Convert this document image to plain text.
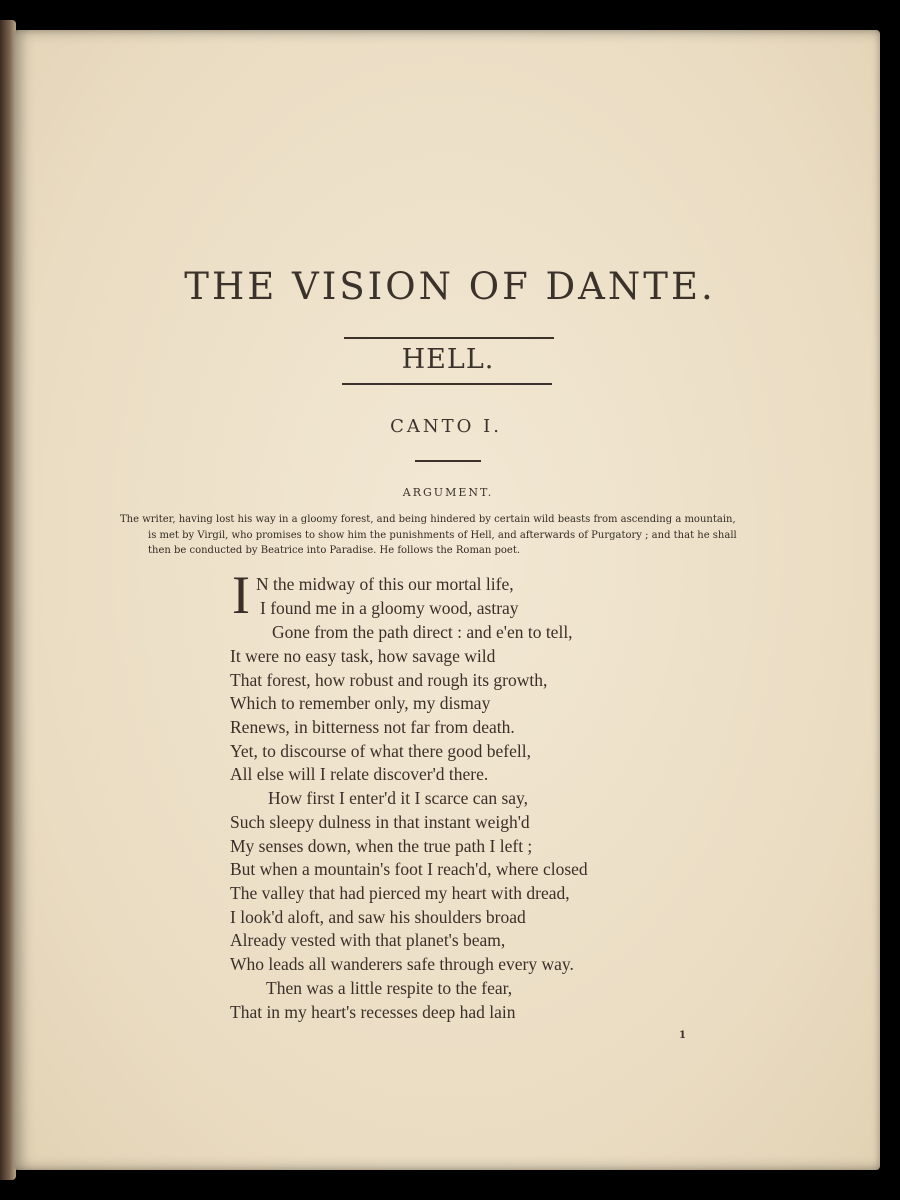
THE VISION OF DANTE.
HELL.
CANTO I.
ARGUMENT.
The writer, having lost his way in a gloomy forest, and being hindered by certain wild beasts from ascending a mountain,
is met by Virgil, who promises to show him the punishments of Hell, and afterwards of Purgatory ; and that he shall
then be conducted by Beatrice into Paradise. He follows the Roman poet.
I N the midway of this our mortal life,
I found me in a gloomy wood, astray
Gone from the path direct : and e'en to tell,
It were no easy task, how savage wild
That forest, how robust and rough its growth,
Which to remember only, my dismay
Renews, in bitterness not far from death.
Yet, to discourse of what there good befell,
All else will I relate discover'd there.
How first I enter'd it I scarce can say,
Such sleepy dulness in that instant weigh'd
My senses down, when the true path I left ;
But when a mountain's foot I reach'd, where closed
The valley that had pierced my heart with dread,
I look'd aloft, and saw his shoulders broad
Already vested with that planet's beam,
Who leads all wanderers safe through every way.
Then was a little respite to the fear,
That in my heart's recesses deep had lain
1
